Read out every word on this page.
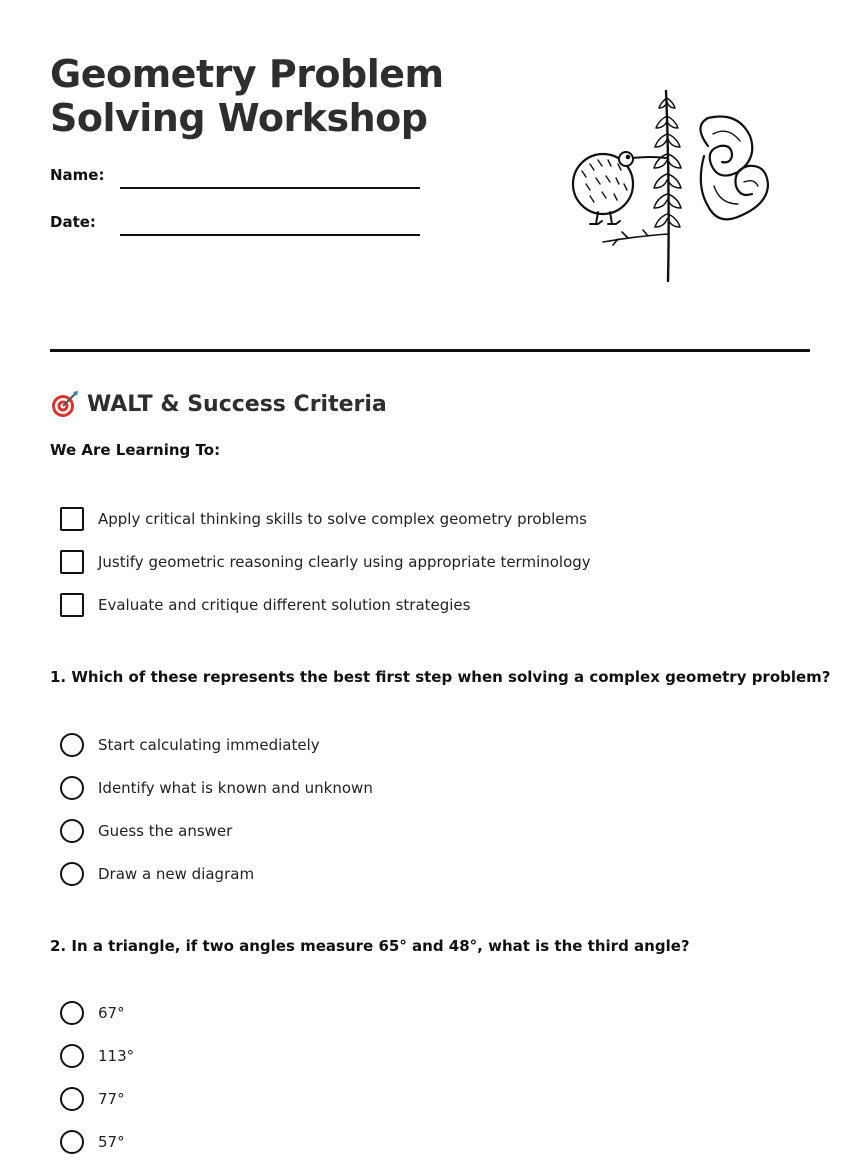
Geometry Problem
Solving Workshop
Name:
Date:
WALT & Success Criteria

We Are Learning To:

Apply critical thinking skills to solve complex geometry problems
Justify geometric reasoning clearly using appropriate terminology
Evaluate and critique different solution strategies

1. Which of these represents the best first step when solving a complex geometry problem?

Start calculating immediately
Identify what is known and unknown
Guess the answer
Draw a new diagram

2. In a triangle, if two angles measure 65° and 48°, what is the third angle?

67°
113°
77°
57°
